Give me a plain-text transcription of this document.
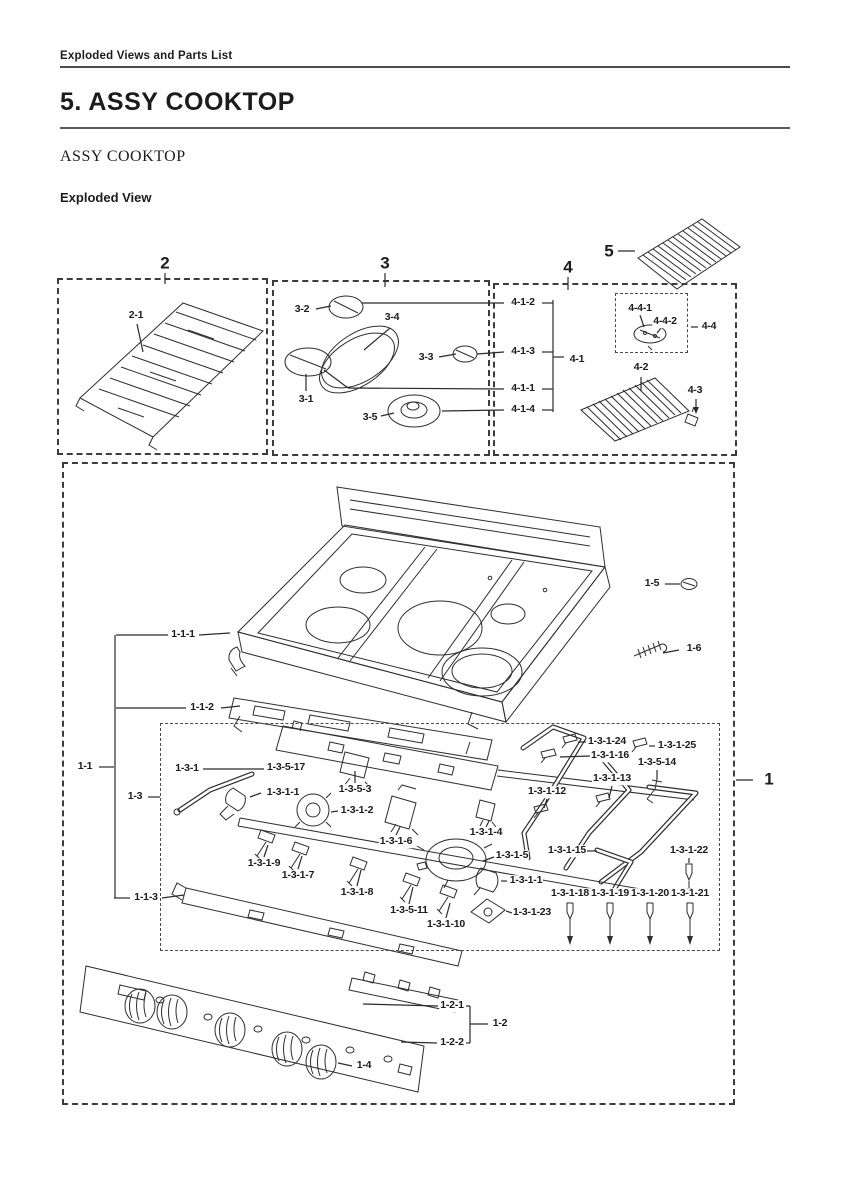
Exploded Views and Parts List
5. ASSY COOKTOP
ASSY COOKTOP
Exploded View
2	3	4
5
1
2-1	3-2
3-4
3-1
3-3
3-5
4-1-2
4-1-3
4-1-1
4-1-4
4-1
4-4-1
4-4-2 4-4
4-2
4-3
1-5
1-6
1-1-1
1-1-2
1-1
1-1-3
1-3
1-3-1	1-3-5-17
1-3-1-1	1-3-5-3
1-3-1-2
1-3-1-6
1-3-1-4
1-3-1-5
1-3-1-1
1-3-1-23
1-3-1-9
1-3-1-7
1-3-1-8
1-3-5-11
1-3-1-10
1-3-1-24	1-3-1-25
1-3-1-16
1-3-5-14
1-3-1-13
1-3-1-12
1-3-1-15	1-3-1-22
1-3-1-18 1-3-1-19 1-3-1-20 1-3-1-21
1-2-1
1-2-2
1-2
1-4
